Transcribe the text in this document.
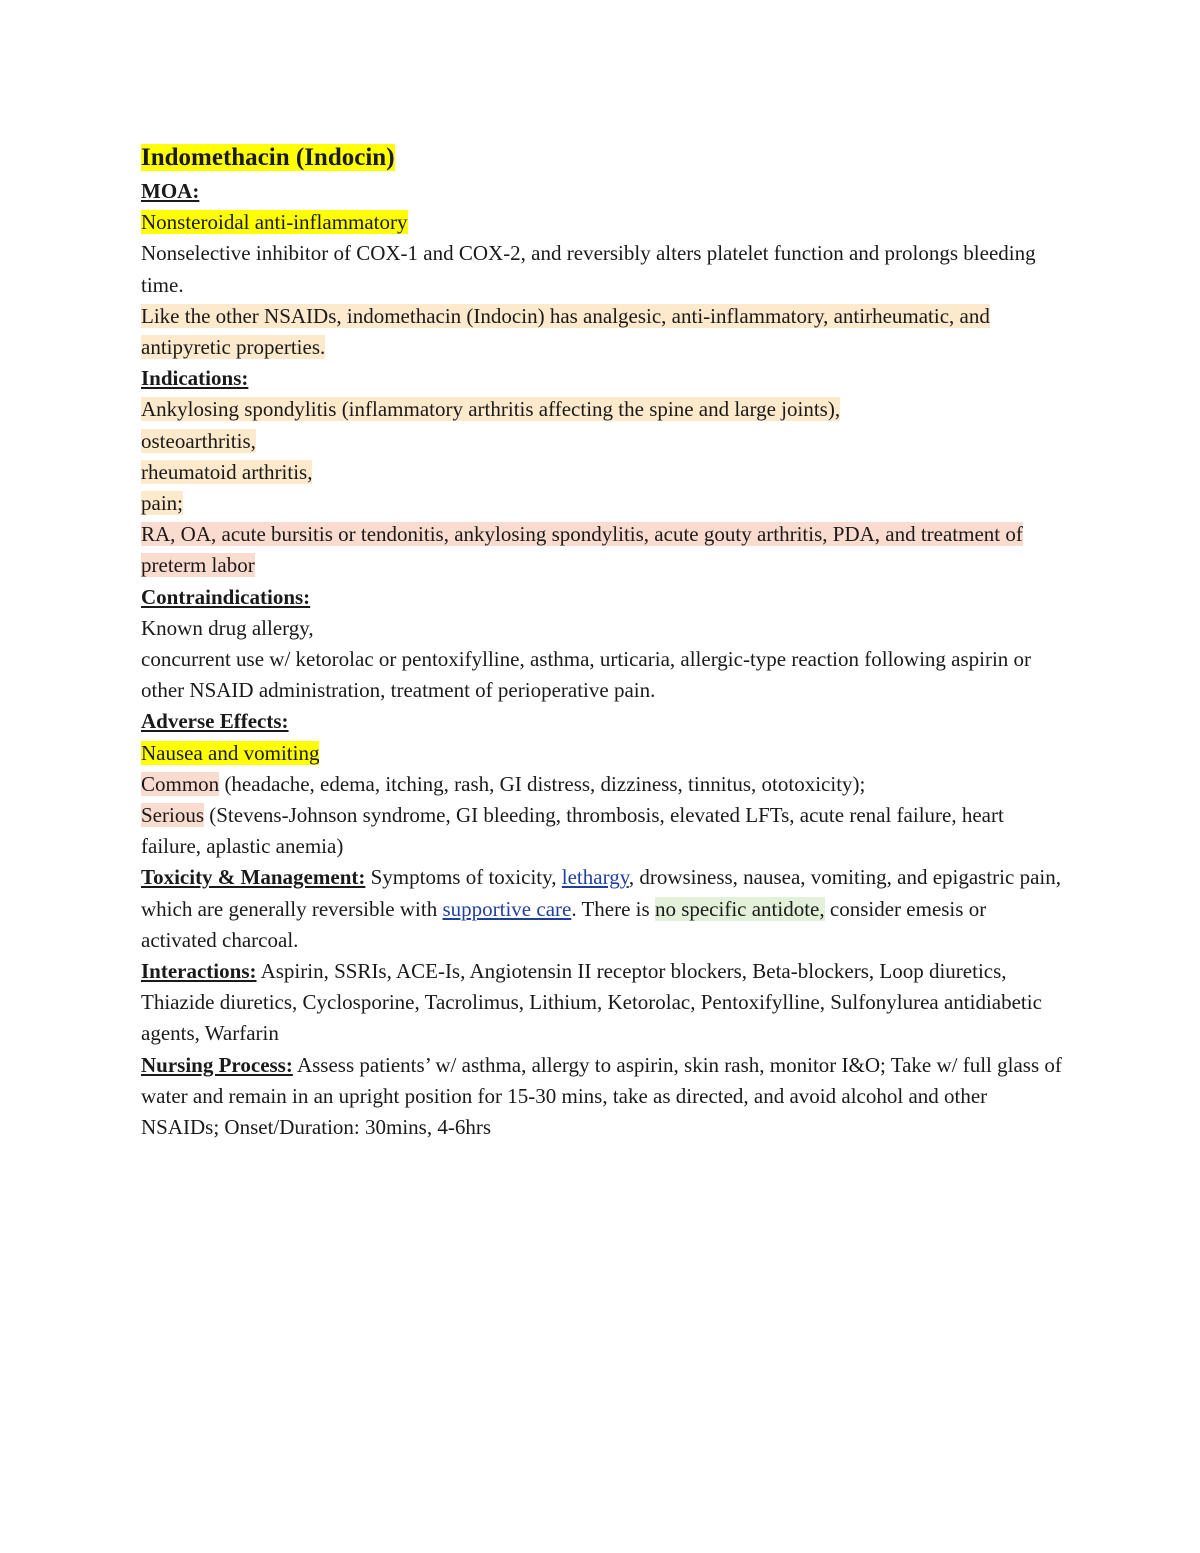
Indomethacin (Indocin)

MOA:

Nonsteroidal anti-inflammatory

Nonselective inhibitor of COX-1 and COX-2, and reversibly alters platelet function and prolongs bleeding time.

Like the other NSAIDs, indomethacin (Indocin) has analgesic, anti-inflammatory, antirheumatic, and antipyretic properties.

Indications:

Ankylosing spondylitis (inflammatory arthritis affecting the spine and large joints),

osteoarthritis,

rheumatoid arthritis,

pain;

RA, OA, acute bursitis or tendonitis, ankylosing spondylitis, acute gouty arthritis, PDA, and treatment of preterm labor

Contraindications:

Known drug allergy,

concurrent use w/ ketorolac or pentoxifylline, asthma, urticaria, allergic-type reaction following aspirin or other NSAID administration, treatment of perioperative pain.

Adverse Effects:

Nausea and vomiting

Common (headache, edema, itching, rash, GI distress, dizziness, tinnitus, ototoxicity);

Serious (Stevens-Johnson syndrome, GI bleeding, thrombosis, elevated LFTs, acute renal failure, heart failure, aplastic anemia)

Toxicity & Management: Symptoms of toxicity, lethargy, drowsiness, nausea, vomiting, and epigastric pain, which are generally reversible with supportive care. There is no specific antidote, consider emesis or activated charcoal.

Interactions: Aspirin, SSRIs, ACE-Is, Angiotensin II receptor blockers, Beta-blockers, Loop diuretics, Thiazide diuretics, Cyclosporine, Tacrolimus, Lithium, Ketorolac, Pentoxifylline, Sulfonylurea antidiabetic agents, Warfarin

Nursing Process: Assess patients’ w/ asthma, allergy to aspirin, skin rash, monitor I&O; Take w/ full glass of water and remain in an upright position for 15-30 mins, take as directed, and avoid alcohol and other NSAIDs; Onset/Duration: 30mins, 4-6hrs
